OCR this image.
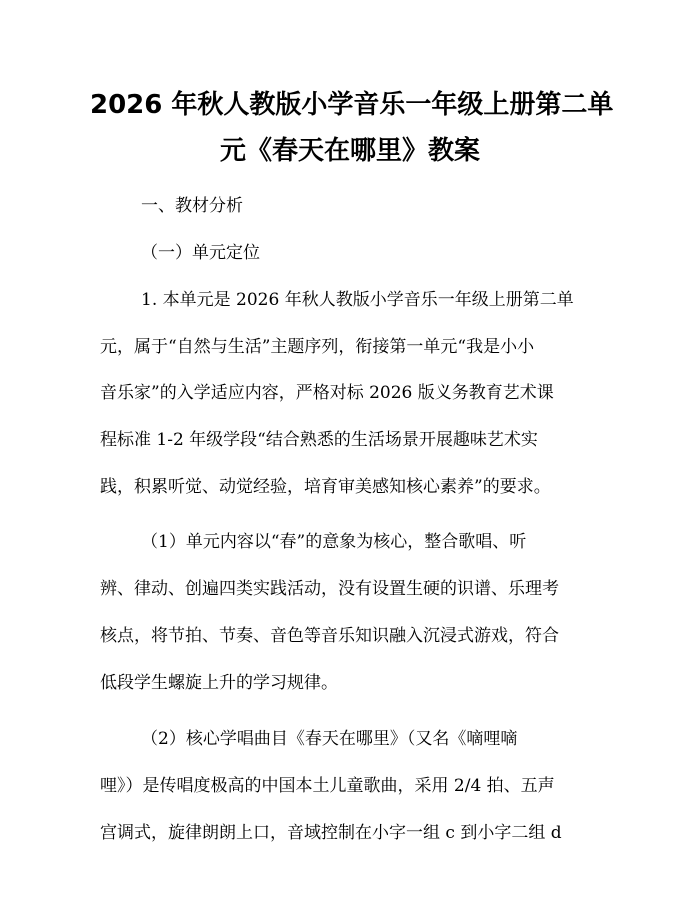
2026 年秋人教版小学音乐一年级上册第二单
元《春天在哪里》教案
一、教材分析
（一）单元定位
1. 本单元是 2026 年秋人教版小学音乐一年级上册第二单
元，属于“自然与生活”主题序列，衔接第一单元“我是小小
音乐家”的入学适应内容，严格对标 2026 版义务教育艺术课
程标准 1-2 年级学段“结合熟悉的生活场景开展趣味艺术实
践，积累听觉、动觉经验，培育审美感知核心素养”的要求。
（1）单元内容以“春”的意象为核心，整合歌唱、听
辨、律动、创遍四类实践活动，没有设置生硬的识谱、乐理考
核点，将节拍、节奏、音色等音乐知识融入沉浸式游戏，符合
低段学生螺旋上升的学习规律。
（2）核心学唱曲目《春天在哪里》（又名《嘀哩嘀
哩》）是传唱度极高的中国本土儿童歌曲，采用 2/4 拍、五声
宫调式，旋律朗朗上口，音域控制在小字一组 c 到小字二组 d
